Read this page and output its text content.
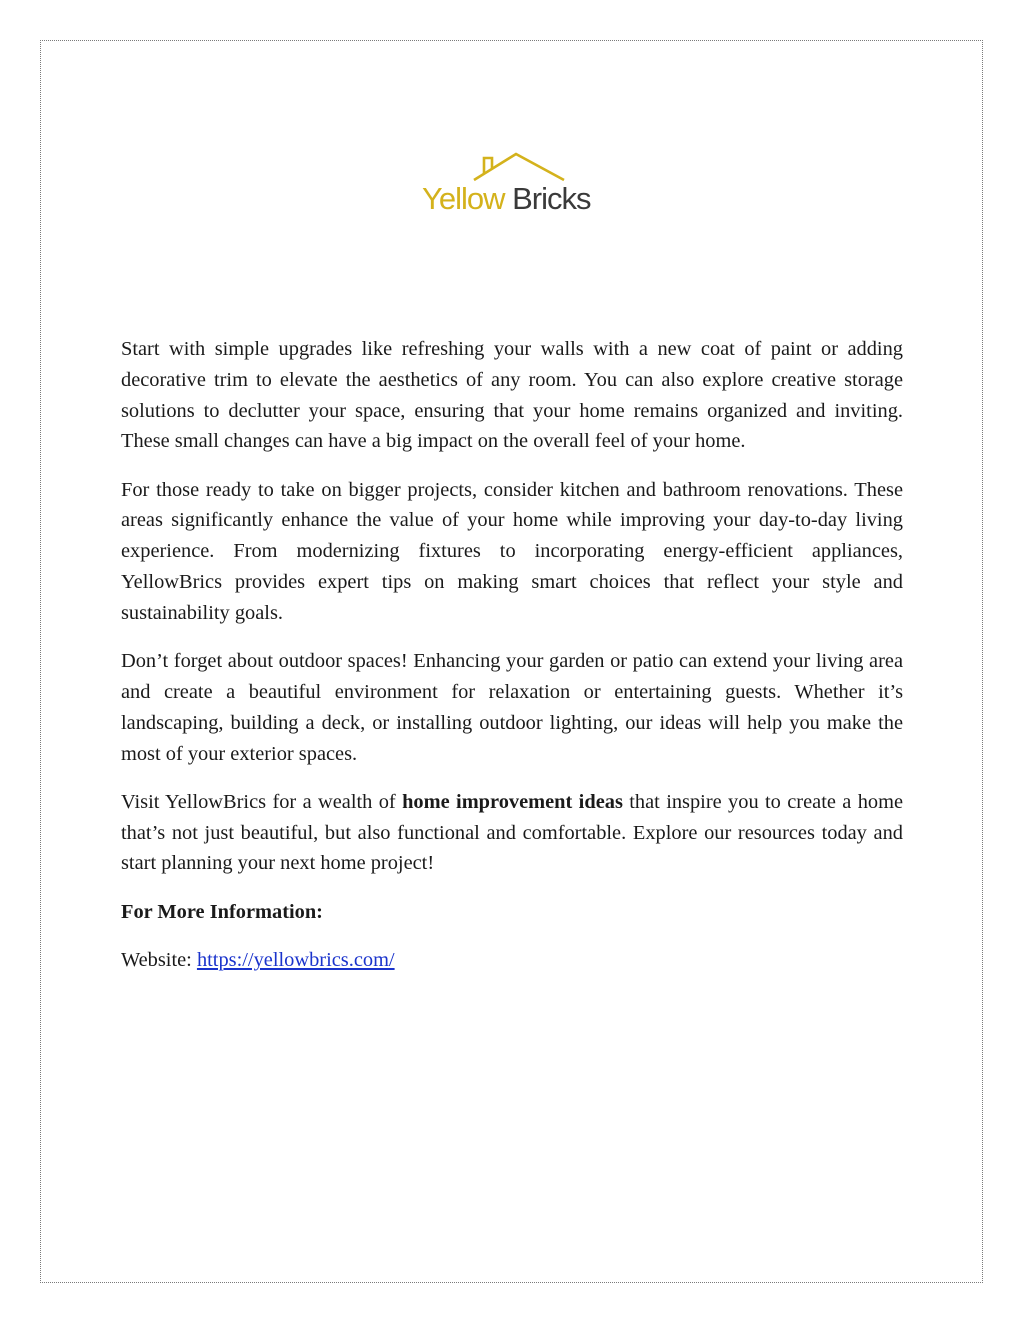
Yellow Bricks

Start with simple upgrades like refreshing your walls with a new coat of paint or adding decorative trim to elevate the aesthetics of any room. You can also explore creative storage solutions to declutter your space, ensuring that your home remains organized and inviting. These small changes can have a big impact on the overall feel of your home.

For those ready to take on bigger projects, consider kitchen and bathroom renovations. These areas significantly enhance the value of your home while improving your day-to-day living experience. From modernizing fixtures to incorporating energy-efficient appliances, YellowBrics provides expert tips on making smart choices that reflect your style and sustainability goals.

Don’t forget about outdoor spaces! Enhancing your garden or patio can extend your living area and create a beautiful environment for relaxation or entertaining guests. Whether it’s landscaping, building a deck, or installing outdoor lighting, our ideas will help you make the most of your exterior spaces.

Visit YellowBrics for a wealth of home improvement ideas that inspire you to create a home that’s not just beautiful, but also functional and comfortable. Explore our resources today and start planning your next home project!

For More Information:

Website: https://yellowbrics.com/
